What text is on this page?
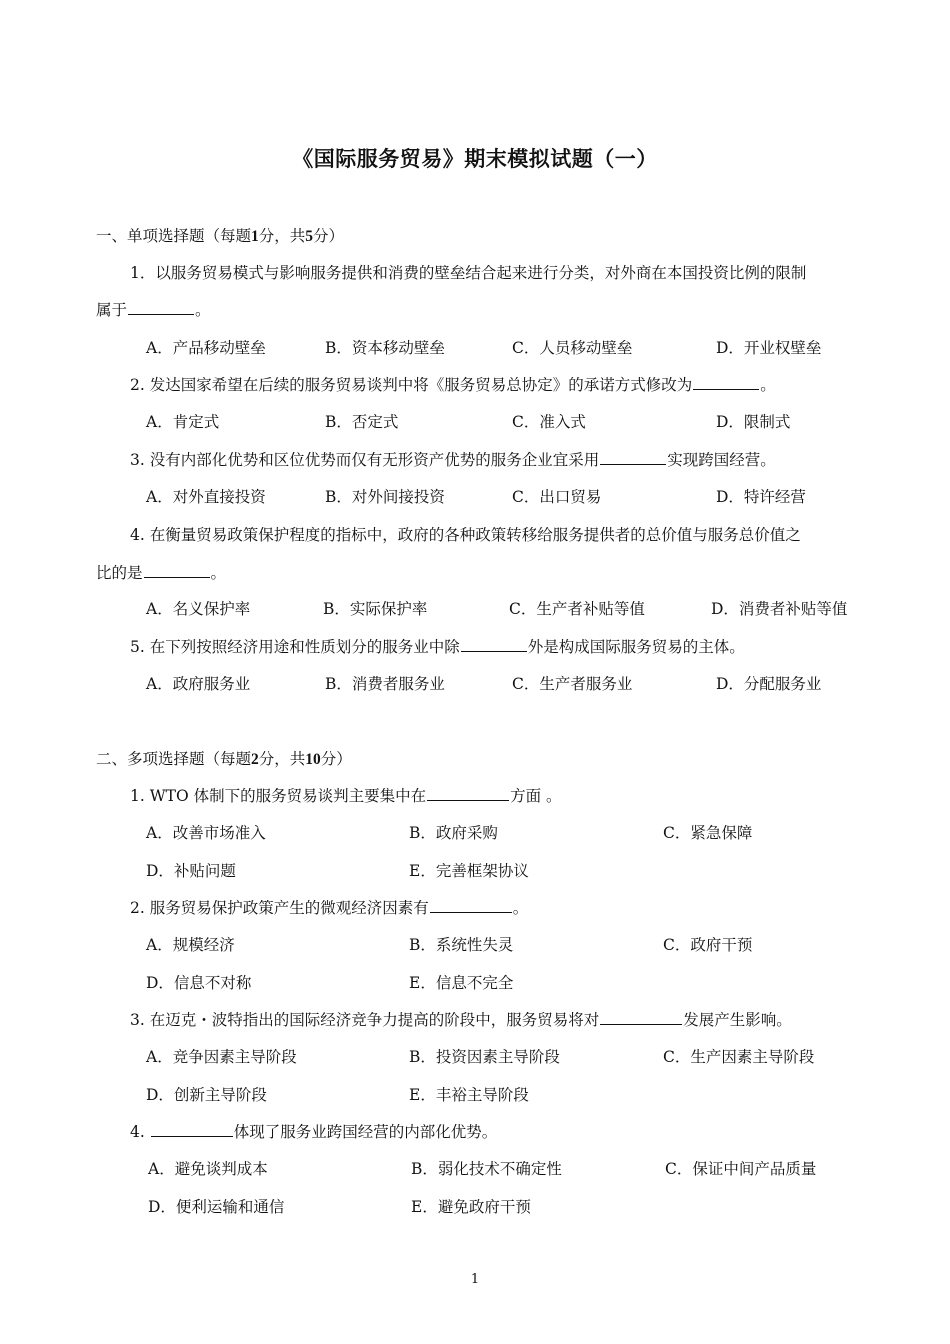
《国际服务贸易》期末模拟试题（一）
一、单项选择题（每题1分，共5分）
1．以服务贸易模式与影响服务提供和消费的壁垒结合起来进行分类，对外商在本国投资比例的限制
属于	。
A．产品移动壁垒	B．资本移动壁垒	C．人员移动壁垒	D．开业权壁垒
2. 发达国家希望在后续的服务贸易谈判中将《服务贸易总协定》的承诺方式修改为	。
A．肯定式	B．否定式	C．准入式	D．限制式
3. 没有内部化优势和区位优势而仅有无形资产优势的服务企业宜采用	实现跨国经营。
A．对外直接投资	B．对外间接投资	C．出口贸易	D．特许经营
4. 在衡量贸易政策保护程度的指标中，政府的各种政策转移给服务提供者的总价值与服务总价值之
比的是	。
A．名义保护率	B．实际保护率	C．生产者补贴等值	D．消费者补贴等值
5. 在下列按照经济用途和性质划分的服务业中除	外是构成国际服务贸易的主体。
A．政府服务业	B．消费者服务业	C．生产者服务业	D．分配服务业
二、多项选择题（每题2分，共10分）
1. WTO 体制下的服务贸易谈判主要集中在	方面 。
A．改善市场准入	B．政府采购	C．紧急保障
D．补贴问题	E．完善框架协议
2. 服务贸易保护政策产生的微观经济因素有	。
A．规模经济	B．系统性失灵	C．政府干预
D．信息不对称	E．信息不完全
3. 在迈克・波特指出的国际经济竞争力提高的阶段中，服务贸易将对	发展产生影响。
A．竞争因素主导阶段	B．投资因素主导阶段	C．生产因素主导阶段
D．创新主导阶段	E．丰裕主导阶段
4.	体现了服务业跨国经营的内部化优势。
A．避免谈判成本	B．弱化技术不确定性	C．保证中间产品质量
D．便利运输和通信	E．避免政府干预
1
